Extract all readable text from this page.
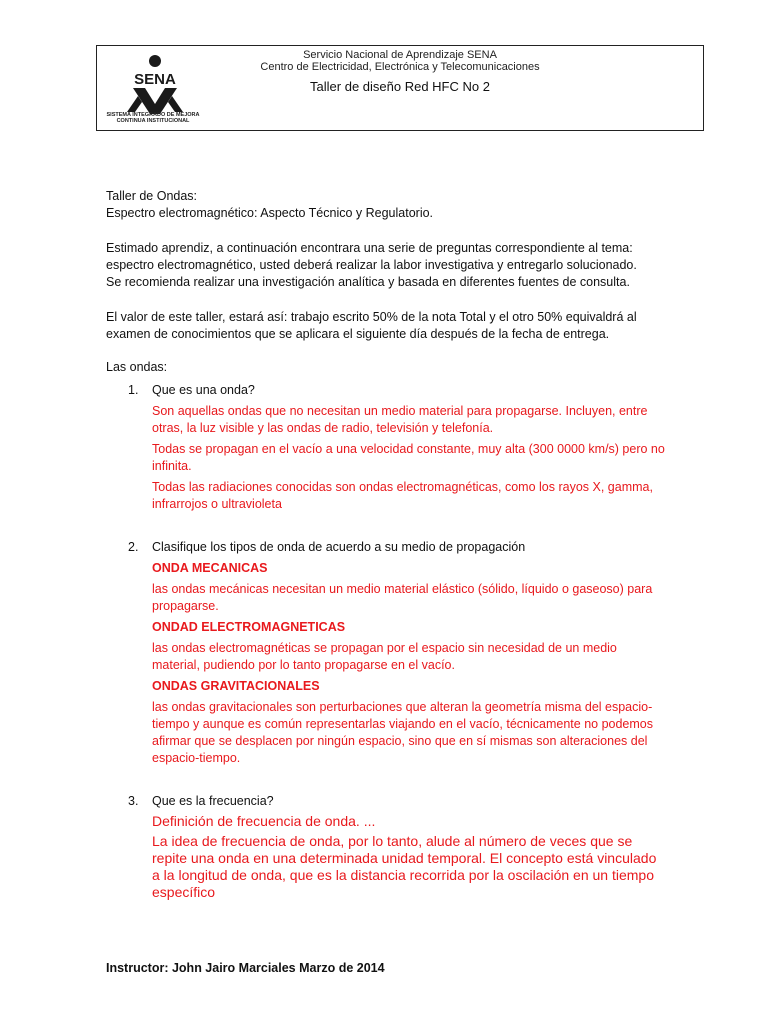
SENA
SISTEMA INTEGRADO DE MEJORA CONTINUA INSTITUCIONAL
Servicio Nacional de Aprendizaje SENA
Centro de Electricidad, Electrónica y Telecomunicaciones
Taller de diseño Red HFC No 2

Taller de Ondas:

Espectro electromagnético: Aspecto Técnico y Regulatorio.

Estimado aprendiz, a continuación encontrara una serie de preguntas correspondiente al tema:
espectro electromagnético, usted deberá realizar la labor investigativa y entregarlo solucionado.
Se recomienda realizar una investigación analítica y basada en diferentes fuentes de consulta.
El valor de este taller, estará así: trabajo escrito 50% de la nota Total y el otro 50% equivaldrá al
examen de conocimientos que se aplicara el siguiente día después de la fecha de entrega.

Las ondas:

1. Que es una onda?

Son aquellas ondas que no necesitan un medio material para propagarse. Incluyen, entre otras, la luz visible y las ondas de radio, televisión y telefonía.

Todas se propagan en el vacío a una velocidad constante, muy alta (300 0000 km/s) pero no infinita.

Todas las radiaciones conocidas son ondas electromagnéticas, como los rayos X, gamma, infrarrojos o ultravioleta

2. Clasifique los tipos de onda de acuerdo a su medio de propagación

ONDA MECANICAS

las ondas mecánicas necesitan un medio material elástico (sólido, líquido o gaseoso) para propagarse.

ONDAD ELECTROMAGNETICAS

las ondas electromagnéticas se propagan por el espacio sin necesidad de un medio material, pudiendo por lo tanto propagarse en el vacío.

ONDAS GRAVITACIONALES

las ondas gravitacionales son perturbaciones que alteran la geometría misma del espacio-tiempo y aunque es común representarlas viajando en el vacío, técnicamente no podemos afirmar que se desplacen por ningún espacio, sino que en sí mismas son alteraciones del espacio-tiempo.

3. Que es la frecuencia?

Definición de frecuencia de onda. ...

La idea de frecuencia de onda, por lo tanto, alude al número de veces que se repite una onda en una determinada unidad temporal. El concepto está vinculado a la longitud de onda, que es la distancia recorrida por la oscilación en un tiempo específico

Instructor: John Jairo Marciales Marzo de 2014
